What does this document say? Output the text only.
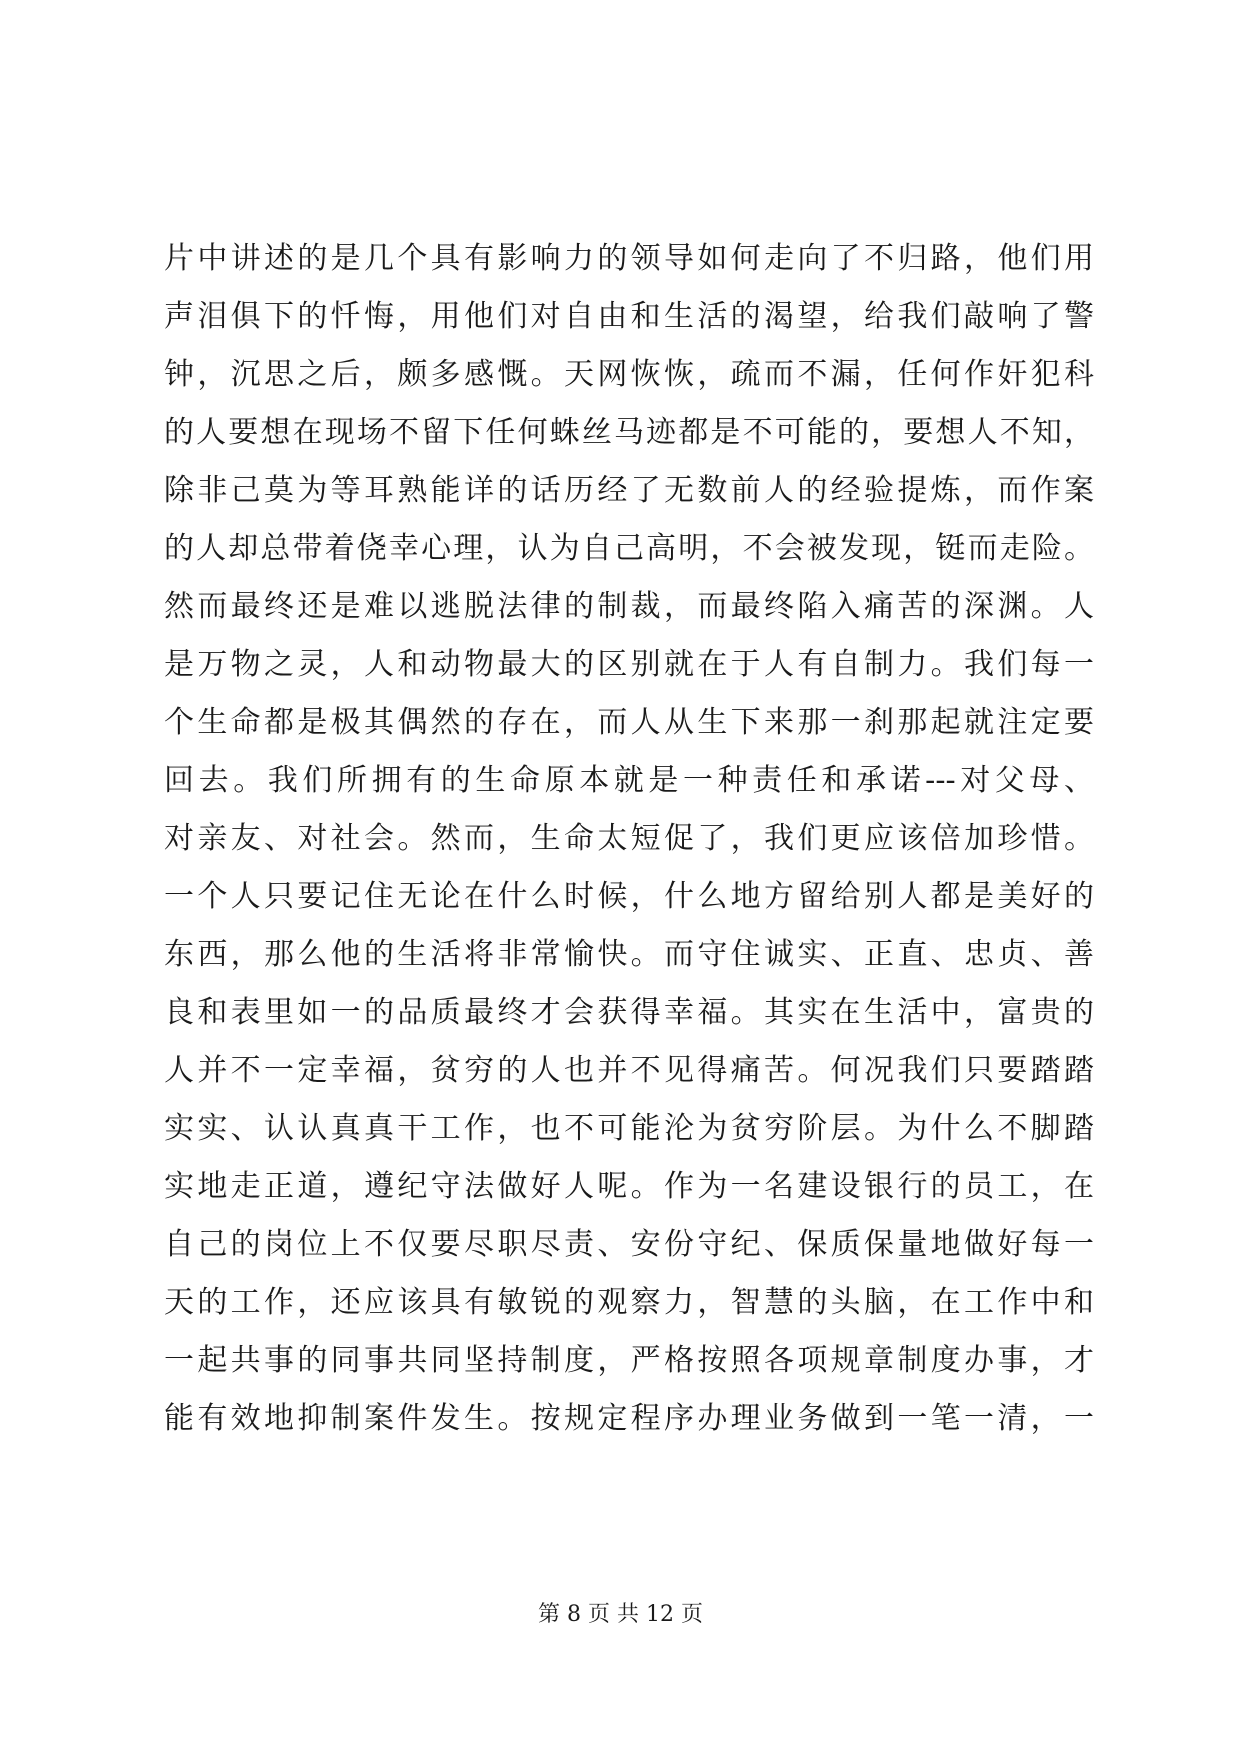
片中讲述的是几个具有影响力的领导如何走向了不归路，他们用
声泪俱下的忏悔，用他们对自由和生活的渴望，给我们敲响了警
钟，沉思之后，颇多感慨。天网恢恢，疏而不漏，任何作奸犯科
的人要想在现场不留下任何蛛丝马迹都是不可能的，要想人不知，
除非己莫为等耳熟能详的话历经了无数前人的经验提炼，而作案
的人却总带着侥幸心理，认为自己高明，不会被发现，铤而走险。
然而最终还是难以逃脱法律的制裁，而最终陷入痛苦的深渊。人
是万物之灵，人和动物最大的区别就在于人有自制力。我们每一
个生命都是极其偶然的存在，而人从生下来那一刹那起就注定要
回去。我们所拥有的生命原本就是一种责任和承诺---对父母、
对亲友、对社会。然而，生命太短促了，我们更应该倍加珍惜。
一个人只要记住无论在什么时候，什么地方留给别人都是美好的
东西，那么他的生活将非常愉快。而守住诚实、正直、忠贞、善
良和表里如一的品质最终才会获得幸福。其实在生活中，富贵的
人并不一定幸福，贫穷的人也并不见得痛苦。何况我们只要踏踏
实实、认认真真干工作，也不可能沦为贫穷阶层。为什么不脚踏
实地走正道，遵纪守法做好人呢。作为一名建设银行的员工，在
自己的岗位上不仅要尽职尽责、安份守纪、保质保量地做好每一
天的工作，还应该具有敏锐的观察力，智慧的头脑，在工作中和
一起共事的同事共同坚持制度，严格按照各项规章制度办事，才
能有效地抑制案件发生。按规定程序办理业务做到一笔一清，一
第 8 页 共 12 页
